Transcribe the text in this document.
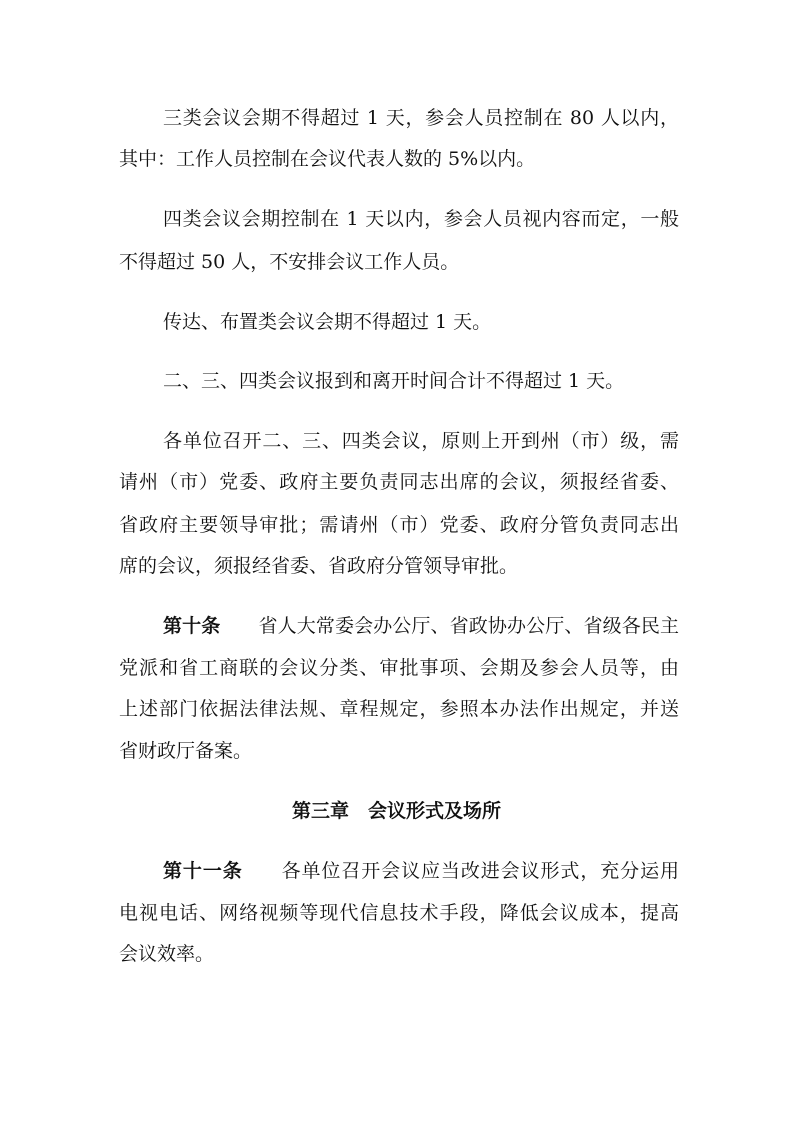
三类会议会期不得超过 1 天，参会人员控制在 80 人以内，
其中：工作人员控制在会议代表人数的 5%以内。
四类会议会期控制在 1 天以内，参会人员视内容而定，一般
不得超过 50 人，不安排会议工作人员。
传达、布置类会议会期不得超过 1 天。
二、三、四类会议报到和离开时间合计不得超过 1 天。
各单位召开二、三、四类会议，原则上开到州（市）级，需
请州（市）党委、政府主要负责同志出席的会议，须报经省委、
省政府主要领导审批；需请州（市）党委、政府分管负责同志出
席的会议，须报经省委、省政府分管领导审批。
第十条 省人大常委会办公厅、省政协办公厅、省级各民主
党派和省工商联的会议分类、审批事项、会期及参会人员等，由
上述部门依据法律法规、章程规定，参照本办法作出规定，并送
省财政厅备案。
第三章　会议形式及场所
第十一条 各单位召开会议应当改进会议形式，充分运用
电视电话、网络视频等现代信息技术手段，降低会议成本，提高
会议效率。
